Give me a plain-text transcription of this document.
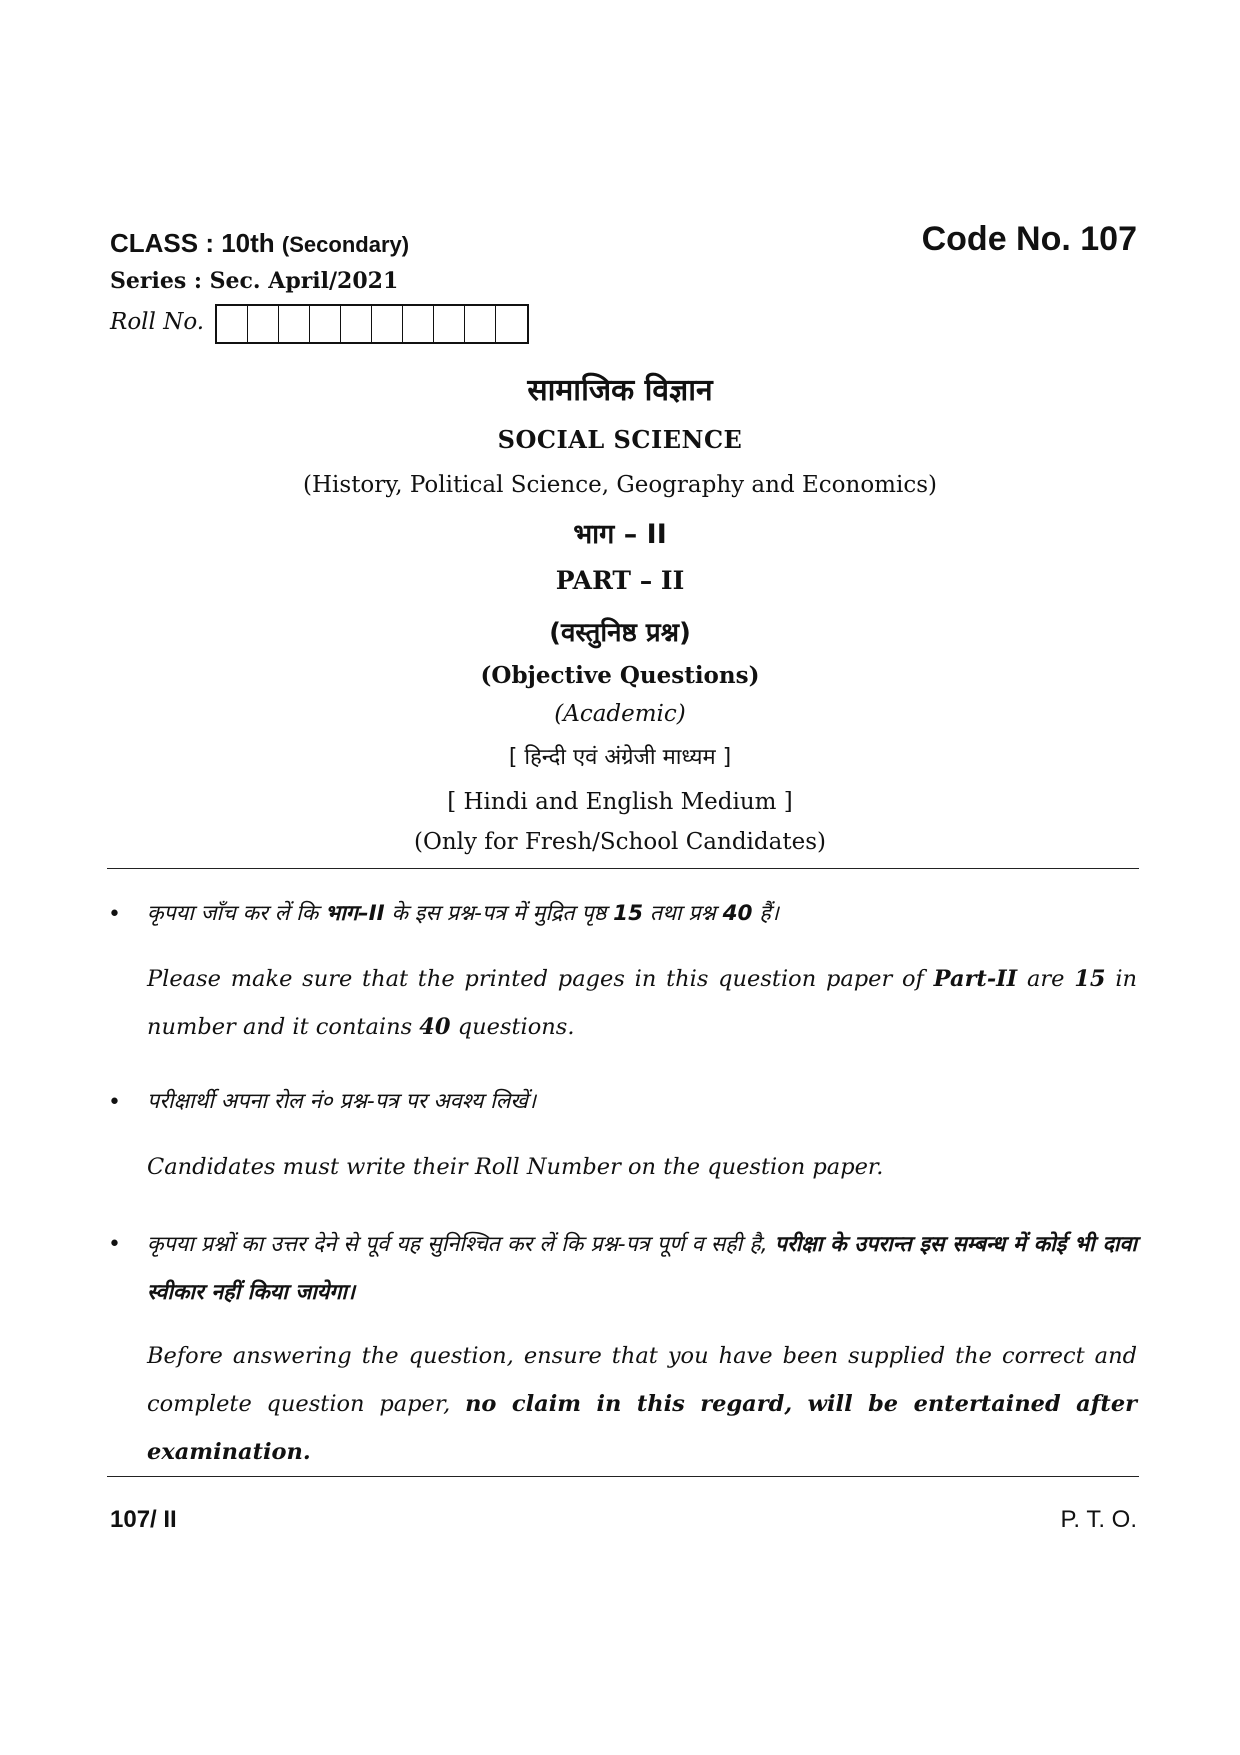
CLASS : 10th (Secondary)	Code No. 107
Series : Sec. April/2021
Roll No.
सामाजिक विज्ञान
SOCIAL SCIENCE
(History, Political Science, Geography and Economics)
भाग – II
PART – II
(वस्तुनिष्ठ प्रश्न)
(Objective Questions)
(Academic)
[ हिन्दी एवं अंग्रेजी माध्यम ]
[ Hindi and English Medium ]
(Only for Fresh/School Candidates)
• कृपया जाँच कर लें कि भाग–II के इस प्रश्न-पत्र में मुद्रित पृष्ठ 15 तथा प्रश्न 40 हैं।
Please make sure that the printed pages in this question paper of Part-II are 15 in number and it contains 40 questions.
• परीक्षार्थी अपना रोल नं० प्रश्न-पत्र पर अवश्य लिखें।
Candidates must write their Roll Number on the question paper.
• कृपया प्रश्नों का उत्तर देने से पूर्व यह सुनिश्चित कर लें कि प्रश्न-पत्र पूर्ण व सही है, परीक्षा के उपरान्त इस सम्बन्ध में कोई भी दावा स्वीकार नहीं किया जायेगा।
Before answering the question, ensure that you have been supplied the correct and complete question paper, no claim in this regard, will be entertained after examination.
107/ II	P. T. O.
